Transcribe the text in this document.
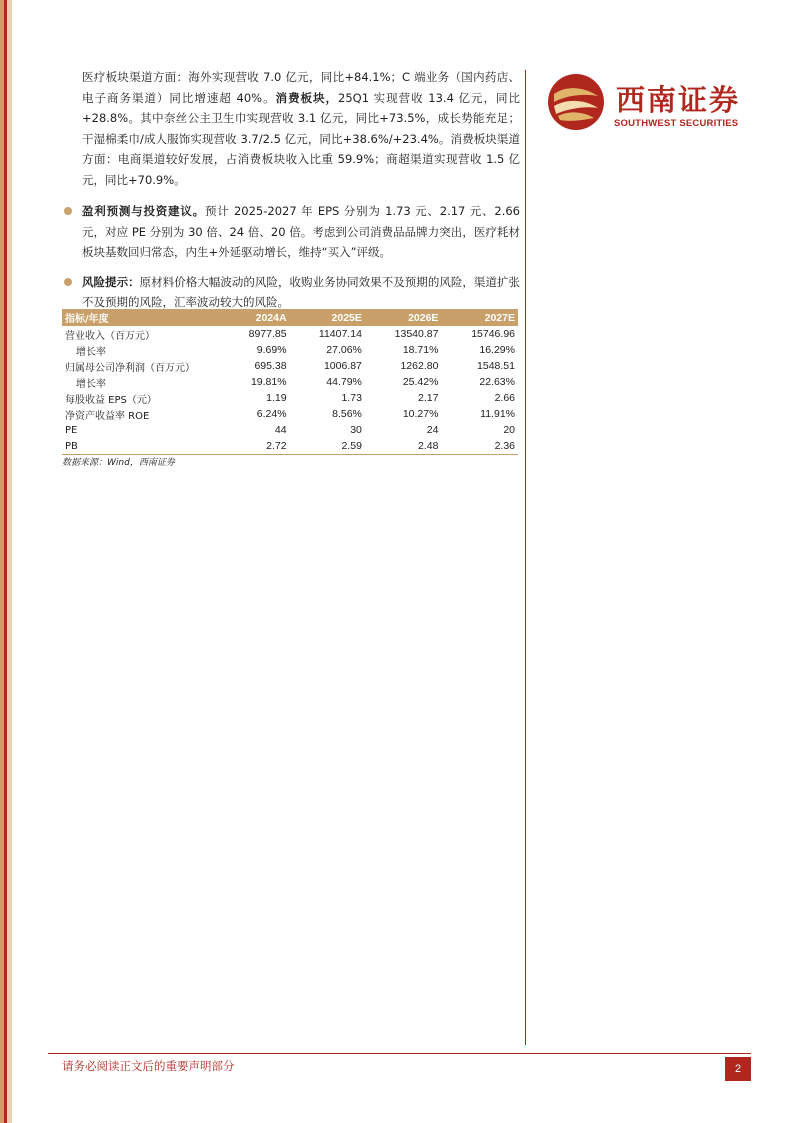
西南证券
SOUTHWEST SECURITIES

医疗板块渠道方面：海外实现营收 7.0 亿元，同比+84.1%；C 端业务（国内药店、电子商务渠道）同比增速超 40%。消费板块，25Q1 实现营收 13.4 亿元，同比+28.8%。其中奈丝公主卫生巾实现营收 3.1 亿元，同比+73.5%，成长势能充足；干湿棉柔巾/成人服饰实现营收 3.7/2.5 亿元，同比+38.6%/+23.4%。消费板块渠道方面：电商渠道较好发展，占消费板块收入比重 59.9%；商超渠道实现营收 1.5 亿元，同比+70.9%。

盈利预测与投资建议。预计 2025-2027 年 EPS 分别为 1.73 元、2.17 元、2.66 元，对应 PE 分别为 30 倍、24 倍、20 倍。考虑到公司消费品品牌力突出，医疗耗材板块基数回归常态，内生+外延驱动增长，维持“买入”评级。

风险提示：原材料价格大幅波动的风险，收购业务协同效果不及预期的风险，渠道扩张不及预期的风险，汇率波动较大的风险。

指标/年度	2024A	2025E	2026E	2027E
营业收入（百万元）	8977.85	11407.14	13540.87	15746.96
增长率	9.69%	27.06%	18.71%	16.29%
归属母公司净利润（百万元）	695.38	1006.87	1262.80	1548.51
增长率	19.81%	44.79%	25.42%	22.63%
每股收益 EPS（元）	1.19	1.73	2.17	2.66
净资产收益率 ROE	6.24%	8.56%	10.27%	11.91%
PE	44	30	24	20
PB	2.72	2.59	2.48	2.36
数据来源：Wind，西南证券
请务必阅读正文后的重要声明部分	2
